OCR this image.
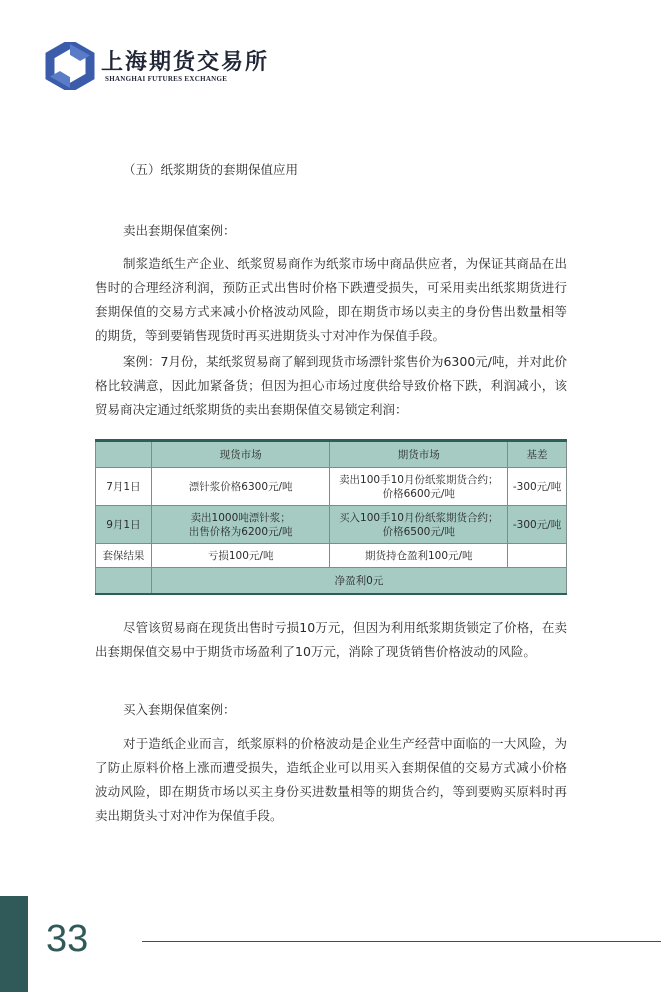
上海期货交易所
SHANGHAI FUTURES EXCHANGE
（五）纸浆期货的套期保值应用
卖出套期保值案例：

制浆造纸生产企业、纸浆贸易商作为纸浆市场中商品供应者，为保证其商品在出售时的合理经济利润，预防正式出售时价格下跌遭受损失，可采用卖出纸浆期货进行套期保值的交易方式来减小价格波动风险，即在期货市场以卖主的身份售出数量相等的期货，等到要销售现货时再买进期货头寸对冲作为保值手段。

案例：7月份，某纸浆贸易商了解到现货市场漂针浆售价为6300元/吨，并对此价格比较满意，因此加紧备货；但因为担心市场过度供给导致价格下跌，利润减小，该贸易商决定通过纸浆期货的卖出套期保值交易锁定利润：

	现货市场	期货市场	基差
7月1日	漂针浆价格6300元/吨	卖出100手10月份纸浆期货合约；
价格6600元/吨	-300元/吨
9月1日	卖出1000吨漂针浆；
出售价格为6200元/吨	买入100手10月份纸浆期货合约；
价格6500元/吨	-300元/吨
套保结果	亏损100元/吨	期货持仓盈利100元/吨	
	净盈利0元		

尽管该贸易商在现货出售时亏损10万元，但因为利用纸浆期货锁定了价格，在卖出套期保值交易中于期货市场盈利了10万元，消除了现货销售价格波动的风险。

买入套期保值案例：

对于造纸企业而言，纸浆原料的价格波动是企业生产经营中面临的一大风险，为了防止原料价格上涨而遭受损失，造纸企业可以用买入套期保值的交易方式减小价格波动风险，即在期货市场以买主身份买进数量相等的期货合约，等到要购买原料时再卖出期货头寸对冲作为保值手段。

33
